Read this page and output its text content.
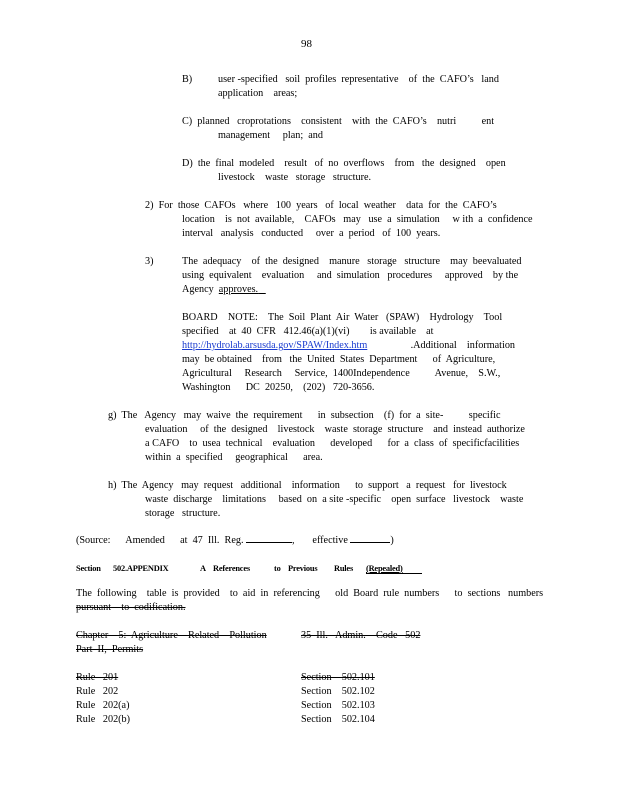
98
B)	user -specified   soil  profiles  representative    of  the  CAFO’s   land
application    areas;
C)  planned   croprotations    consistent    with  the  CAFO’s    nutri          ent
management     plan;  and
D)  the  final  modeled    result   of  no  overflows    from   the  designed    open
livestock    waste   storage   structure.
2)  For  those  CAFOs   where   100  years   of  local  weather    data  for  the  CAFO’s
location    is  not  available,    CAFOs   may   use  a  simulation     w ith  a  confidence
interval   analysis   conducted     over  a  period   of  100  years.
3)	The  adequacy    of  the  designed    manure   storage   structure    may  beevaluated
using  equivalent    evaluation     and  simulation   procedures     approved    by the
Agency  approves.
BOARD    NOTE:    The  Soil  Plant  Air  Water   (SPAW)    Hydrology    Tool
specified    at  40  CFR   412.46(a)(1)(vi)        is available    at
http://hydrolab.arsusda.gov/SPAW/Index.htm                 .Additional    information
may  be obtained    from   the  United  States  Department      of  Agriculture,
Agricultural     Research     Service,  1400Independence          Avenue,    S.W.,
Washington      DC  20250,    (202)   720-3656.
g)  The   Agency   may  waive  the  requirement      in  subsection    (f)  for  a  site-          specific
evaluation     of  the  designed    livestock    waste  storage  structure    and  instead  authorize
a CAFO    to  usea  technical    evaluation      developed      for  a  class  of  specificfacilities
within  a  specified     geographical      area.
h)  The  Agency   may  request   additional    information      to  support   a  request   for  livestock
waste  discharge    limitations     based  on  a site -specific    open  surface   livestock    waste
storage   structure.
(Source:      Amended      at  47  Ill.  Reg.	,       effective	)
Section 502.APPENDIX	A References	to Previous Rules (Repealed)
The  following    table  is  provided    to  aid  in  referencing      old  Board  rule  numbers      to  sections   numbers
pursuant    to  codification.
Chapter    5:  Agriculture    Related    Pollution
Part  II,  Permits
35  Ill.   Admin.    Code   502
Rule   201	Section    502.101
Rule   202	Section    502.102
Rule   202(a)	Section    502.103
Rule   202(b)	Section    502.104
